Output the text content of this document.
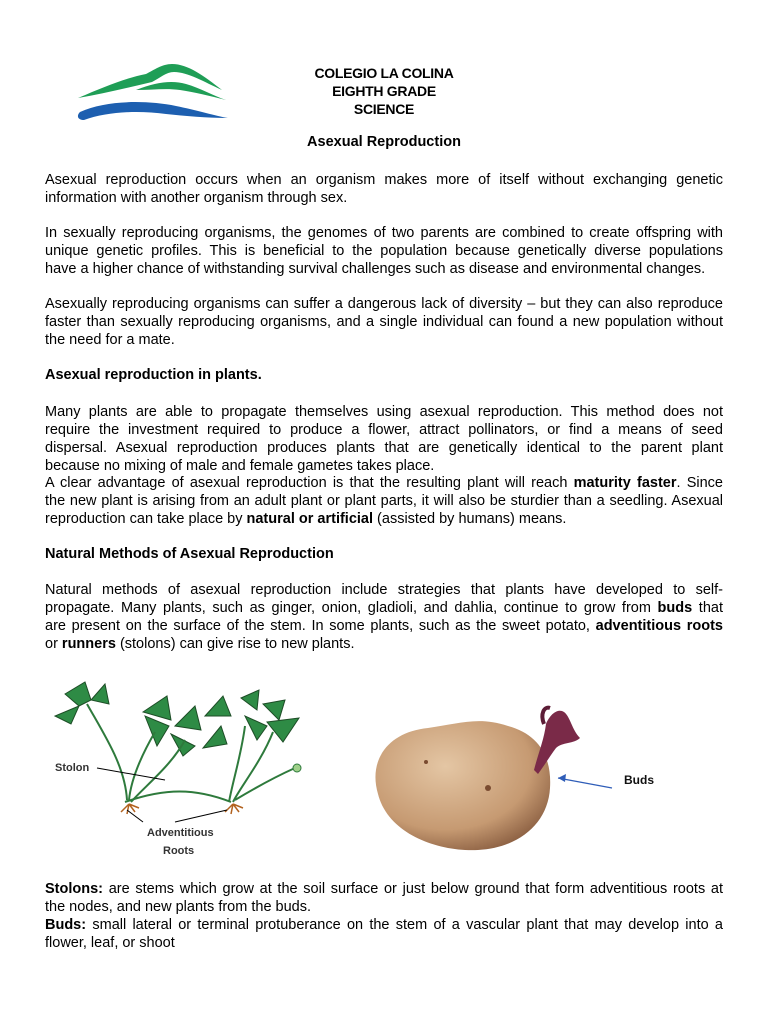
COLEGIO LA COLINA
EIGHTH GRADE
SCIENCE
Asexual Reproduction
Asexual reproduction occurs when an organism makes more of itself without exchanging genetic
information with another organism through sex.
In sexually reproducing organisms, the genomes of two parents are combined to create offspring with
unique genetic profiles. This is beneficial to the population because genetically diverse populations
have a higher chance of withstanding survival challenges such as disease and environmental changes.
Asexually reproducing organisms can suffer a dangerous lack of diversity – but they can also reproduce
faster than sexually reproducing organisms, and a single individual can found a new population without
the need for a mate.
Asexual reproduction in plants.
Many plants are able to propagate themselves using asexual reproduction. This method does not
require the investment required to produce a flower, attract pollinators, or find a means of seed
dispersal. Asexual reproduction produces plants that are genetically identical to the parent plant
because no mixing of male and female gametes takes place.
A clear advantage of asexual reproduction is that the resulting plant will reach maturity faster. Since
the new plant is arising from an adult plant or plant parts, it will also be sturdier than a seedling. Asexual
reproduction can take place by natural or artificial (assisted by humans) means.
Natural Methods of Asexual Reproduction
Natural methods of asexual reproduction include strategies that plants have developed to self-
propagate. Many plants, such as ginger, onion, gladioli, and dahlia, continue to grow from buds that
are present on the surface of the stem. In some plants, such as the sweet potato, adventitious roots
or runners (stolons) can give rise to new plants.
Stolon
Adventitious
Roots
Buds
Stolons: are stems which grow at the soil surface or just below ground that form adventitious roots at
the nodes, and new plants from the buds.
Buds: small lateral or terminal protuberance on the stem of a vascular plant that may develop into a
flower, leaf, or shoot
